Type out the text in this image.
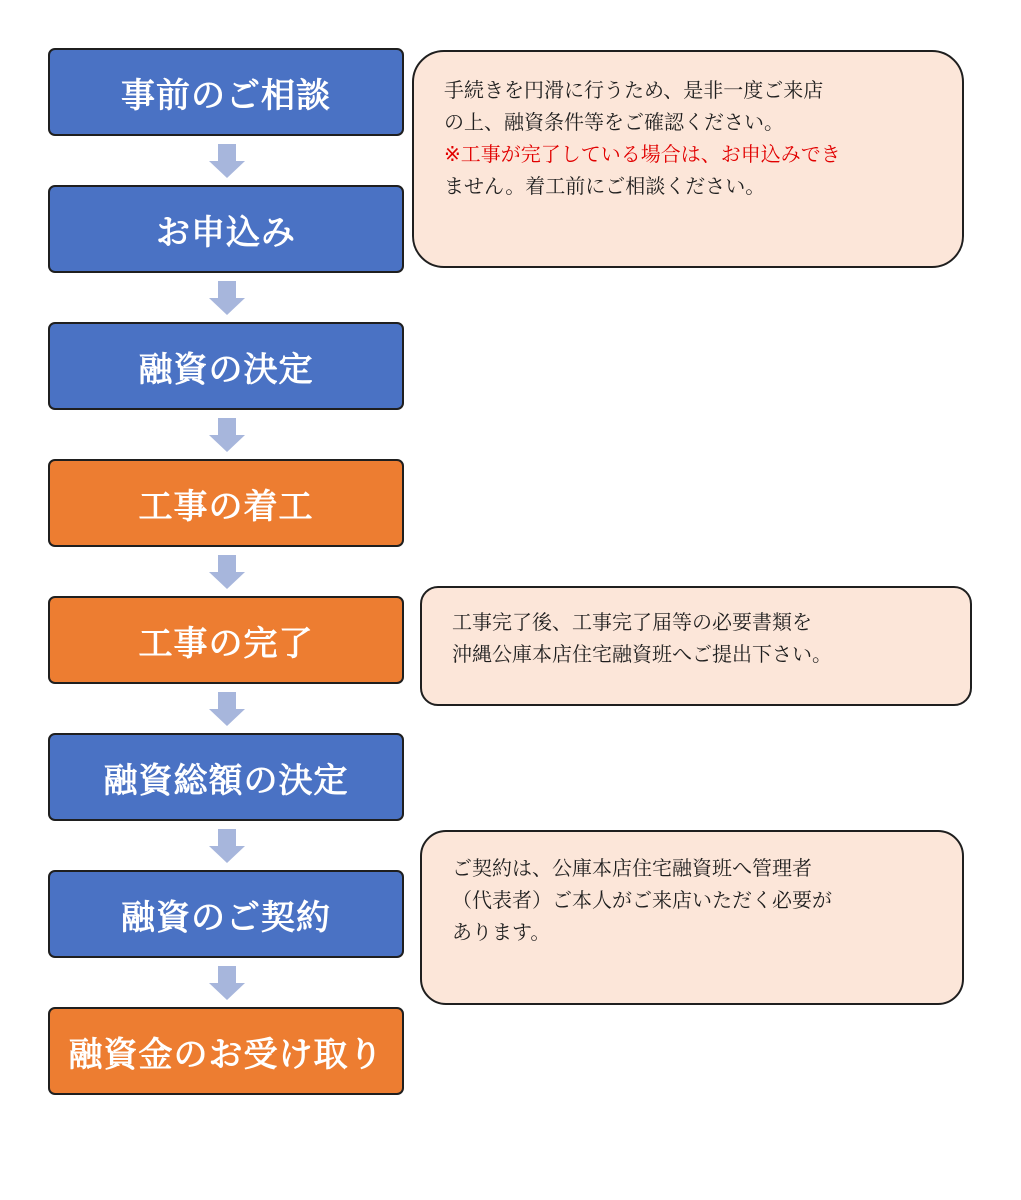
事前のご相談
お申込み
融資の決定
工事の着工
工事の完了
融資総額の決定
融資のご契約
融資金のお受け取り
手続きを円滑に行うため、是非一度ご来店
の上、融資条件等をご確認ください。
※工事が完了している場合は、お申込みでき
ません。着工前にご相談ください。
工事完了後、工事完了届等の必要書類を
沖縄公庫本店住宅融資班へご提出下さい。
ご契約は、公庫本店住宅融資班へ管理者
（代表者）ご本人がご来店いただく必要が
あります。
